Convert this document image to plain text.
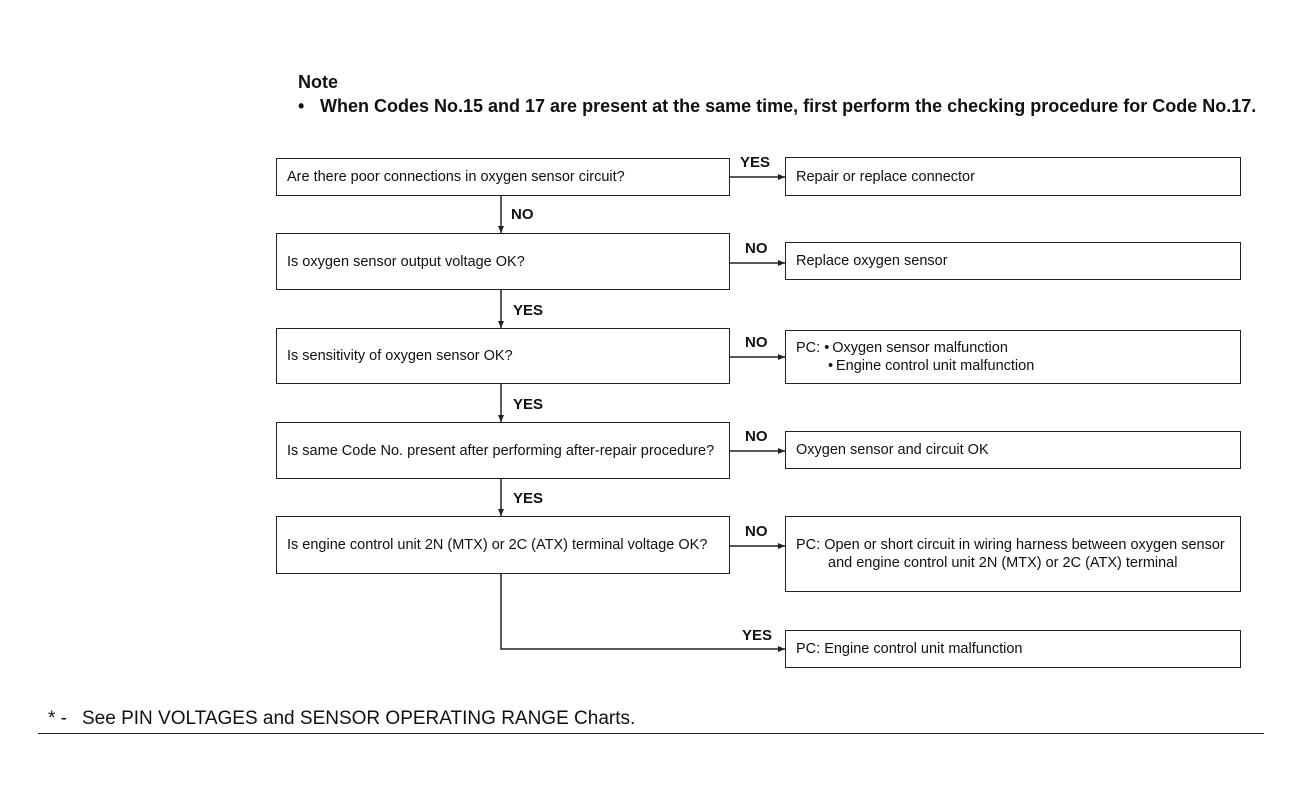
Note
• When Codes No.15 and 17 are present at the same time, first perform the checking procedure for Code No.17.
Are there poor connections in oxygen sensor circuit?
Is oxygen sensor output voltage OK?
Is sensitivity of oxygen sensor OK?
Is same Code No. present after performing after-repair procedure?
Is engine control unit 2N (MTX) or 2C (ATX) terminal voltage OK?
Repair or replace connector
Replace oxygen sensor
PC: • Oxygen sensor malfunction
• Engine control unit malfunction
Oxygen sensor and circuit OK
PC: Open or short circuit in wiring harness between oxygen sensor and engine control unit 2N (MTX) or 2C (ATX) terminal
PC: Engine control unit malfunction
YES
NO
NO
YES
NO
YES
NO
YES
NO
YES
* - See PIN VOLTAGES and SENSOR OPERATING RANGE Charts.
